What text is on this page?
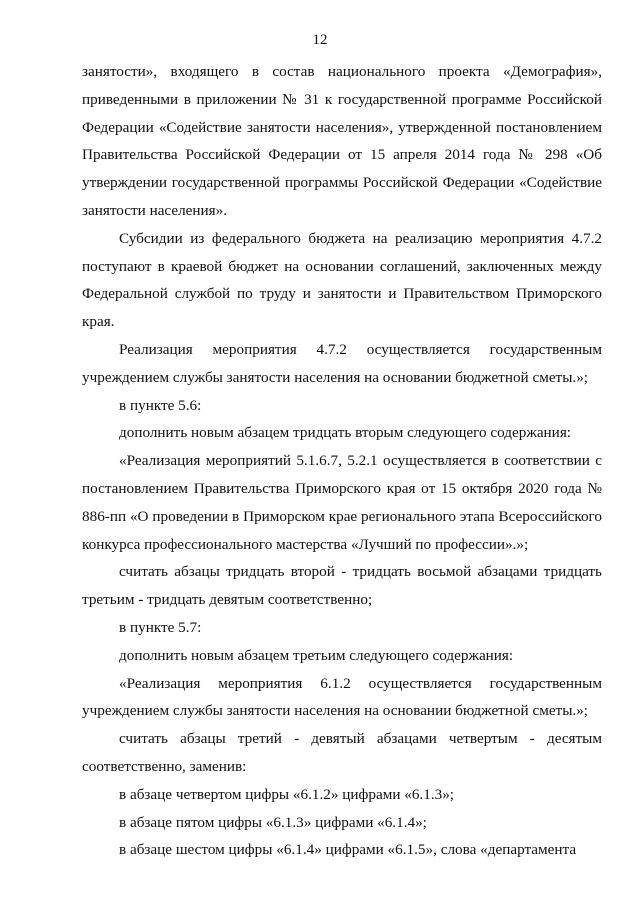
12

занятости», входящего в состав национального проекта «Демография», приведенными в приложении № 31 к государственной программе Российской Федерации «Содействие занятости населения», утвержденной постановлением Правительства Российской Федерации от 15 апреля 2014 года № 298 «Об утверждении государственной программы Российской Федерации «Содействие занятости населения».

Субсидии из федерального бюджета на реализацию мероприятия 4.7.2 поступают в краевой бюджет на основании соглашений, заключенных между Федеральной службой по труду и занятости и Правительством Приморского края.

Реализация мероприятия 4.7.2 осуществляется государственным учреждением службы занятости населения на основании бюджетной сметы.»;

в пункте 5.6:

дополнить новым абзацем тридцать вторым следующего содержания:

«Реализация мероприятий 5.1.6.7, 5.2.1 осуществляется в соответствии с постановлением Правительства Приморского края от 15 октября 2020 года № 886-пп «О проведении в Приморском крае регионального этапа Всероссийского конкурса профессионального мастерства «Лучший по профессии».»;

считать абзацы тридцать второй - тридцать восьмой абзацами тридцать третьим - тридцать девятым соответственно;

в пункте 5.7:

дополнить новым абзацем третьим следующего содержания:

«Реализация мероприятия 6.1.2 осуществляется государственным учреждением службы занятости населения на основании бюджетной сметы.»;

считать абзацы третий - девятый абзацами четвертым - десятым соответственно, заменив:

в абзаце четвертом цифры «6.1.2» цифрами «6.1.3»;

в абзаце пятом цифры «6.1.3» цифрами «6.1.4»;

в абзаце шестом цифры «6.1.4» цифрами «6.1.5», слова «департамента
